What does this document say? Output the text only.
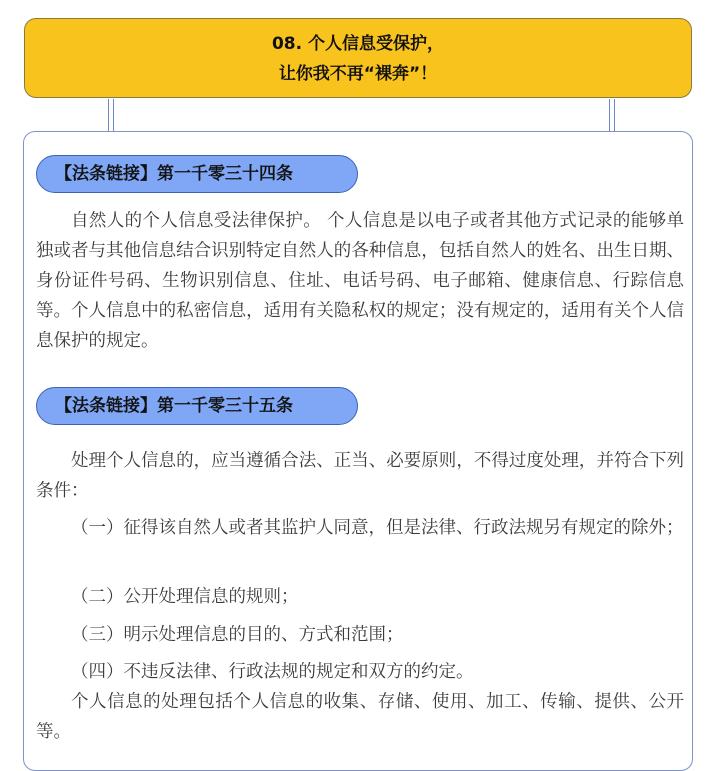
08. 个人信息受保护，
让你我不再“裸奔”！
【法条链接】第一千零三十四条

自然人的个人信息受法律保护。 个人信息是以电子或者其他方式记录的能够单独或者与其他信息结合识别特定自然人的各种信息，包括自然人的姓名、出生日期、身份证件号码、生物识别信息、住址、电话号码、电子邮箱、健康信息、行踪信息等。个人信息中的私密信息，适用有关隐私权的规定；没有规定的，适用有关个人信息保护的规定。

【法条链接】第一千零三十五条

处理个人信息的，应当遵循合法、正当、必要原则，不得过度处理，并符合下列条件：

（一）征得该自然人或者其监护人同意，但是法律、行政法规另有规定的除外；

（二）公开处理信息的规则；

（三）明示处理信息的目的、方式和范围；

（四）不违反法律、行政法规的规定和双方的约定。

个人信息的处理包括个人信息的收集、存储、使用、加工、传输、提供、公开等。
